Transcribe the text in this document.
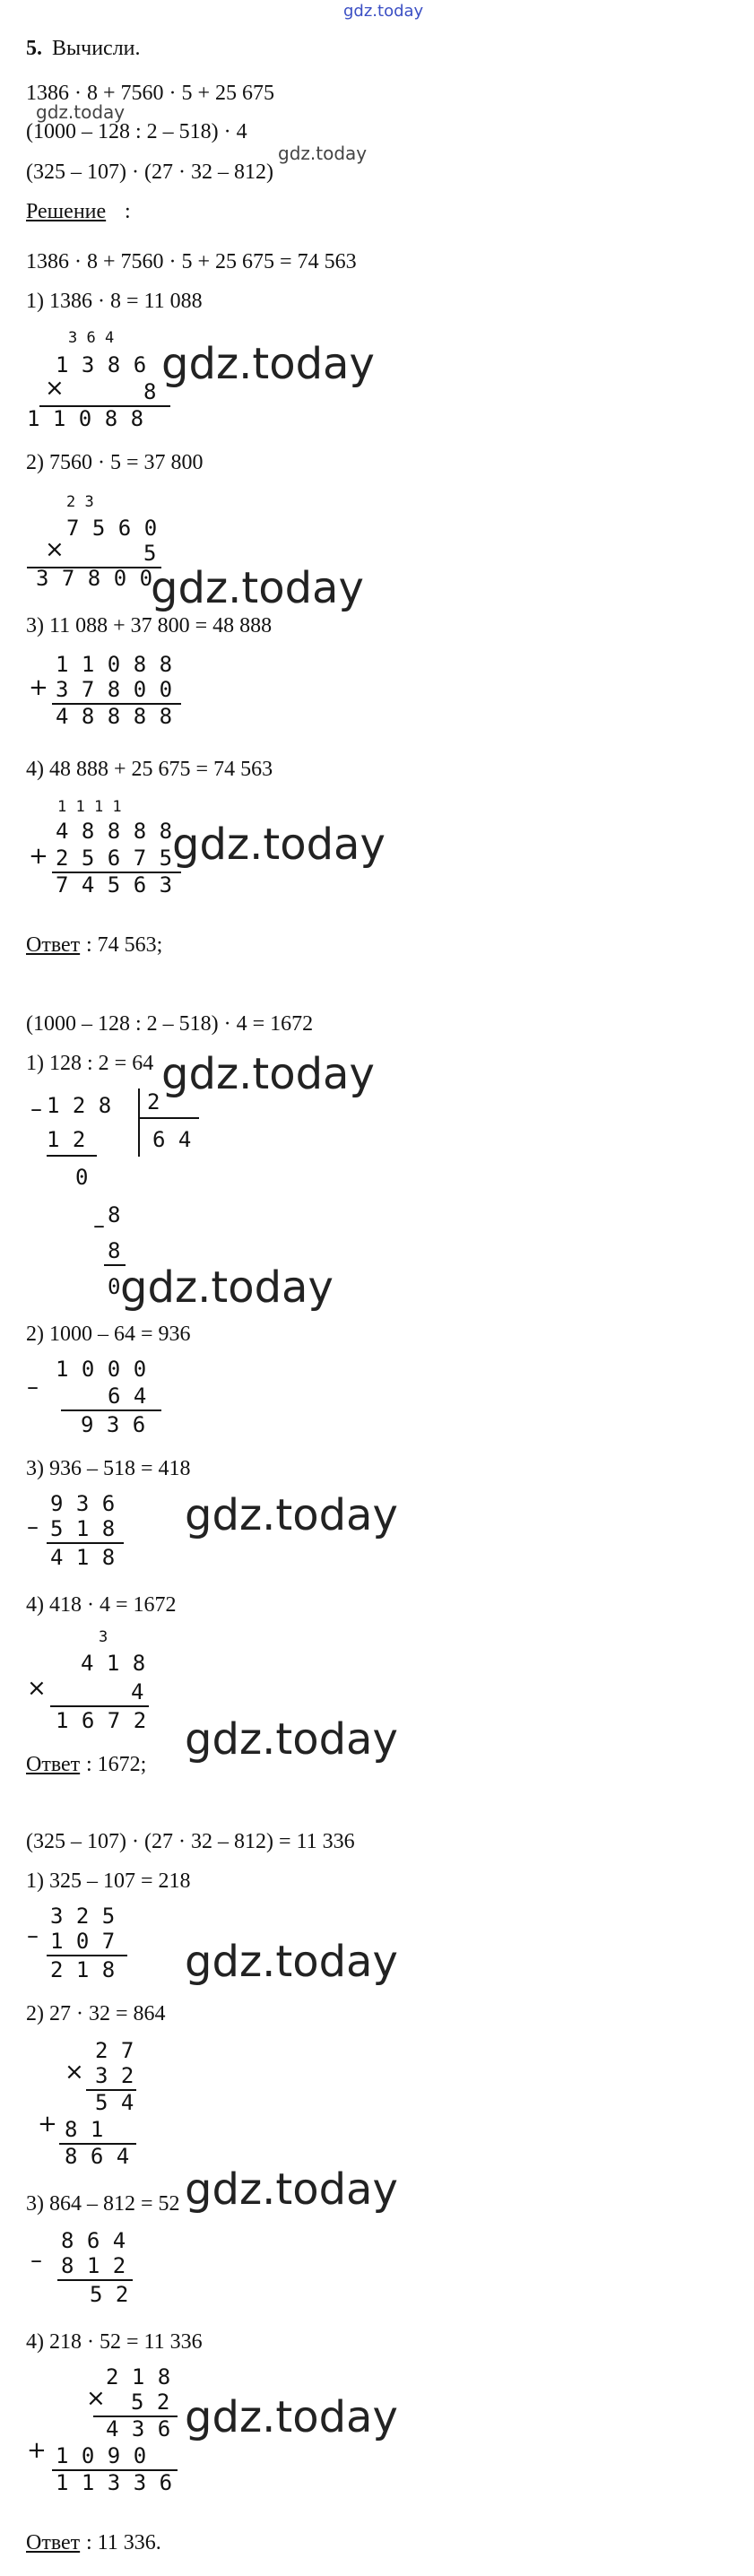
gdz.today
5. Вычисли.
1386 · 8 + 7560 · 5 + 25 675
gdz.today
(1000 – 128 : 2 – 518) · 4
gdz.today
(325 – 107) · (27 · 32 – 812)
Решение :
1386 · 8 + 7560 · 5 + 25 675 = 74 563
1) 1386 · 8 = 11 088
3 6 4
1 3 8 6
×	8
1 1 0 8 8
gdz.today
2) 7560 · 5 = 37 800
2 3
7 5 6 0
×	5
3 7 8 0 0
gdz.today
3) 11 088 + 37 800 = 48 888
1 1 0 8 8
+ 3 7 8 0 0
4 8 8 8 8
4) 48 888 + 25 675 = 74 563
1 1 1 1
4 8 8 8 8
+ 2 5 6 7 5
7 4 5 6 3
gdz.today
Ответ : 74 563;
(1000 – 128 : 2 – 518) · 4 = 1672
1) 128 : 2 = 64 gdz.today
– 1 2 8 2
6 4
1 2
0
– 8
8
0 gdz.today
2) 1000 – 64 = 936
1 0 0 0
–	6 4
9 3 6
3) 936 – 518 = 418
9 3 6
– 5 1 8
4 1 8
gdz.today
4) 418 · 4 = 1672
3
4 1 8
×	4
1 6 7 2 gdz.today
Ответ : 1672;
(325 – 107) · (27 · 32 – 812) = 11 336
1) 325 – 107 = 218
3 2 5
– 1 0 7
2 1 8 gdz.today
2) 27 · 32 = 864
2 7
× 3 2
5 4
+ 8 1
8 6 4
3) 864 – 812 = 52 gdz.today
8 6 4
– 8 1 2
5 2
4) 218 · 52 = 11 336
2 1 8
× 5 2
4 3 6
+ 1 0 9 0
1 1 3 3 6
gdz.today
Ответ : 11 336.
